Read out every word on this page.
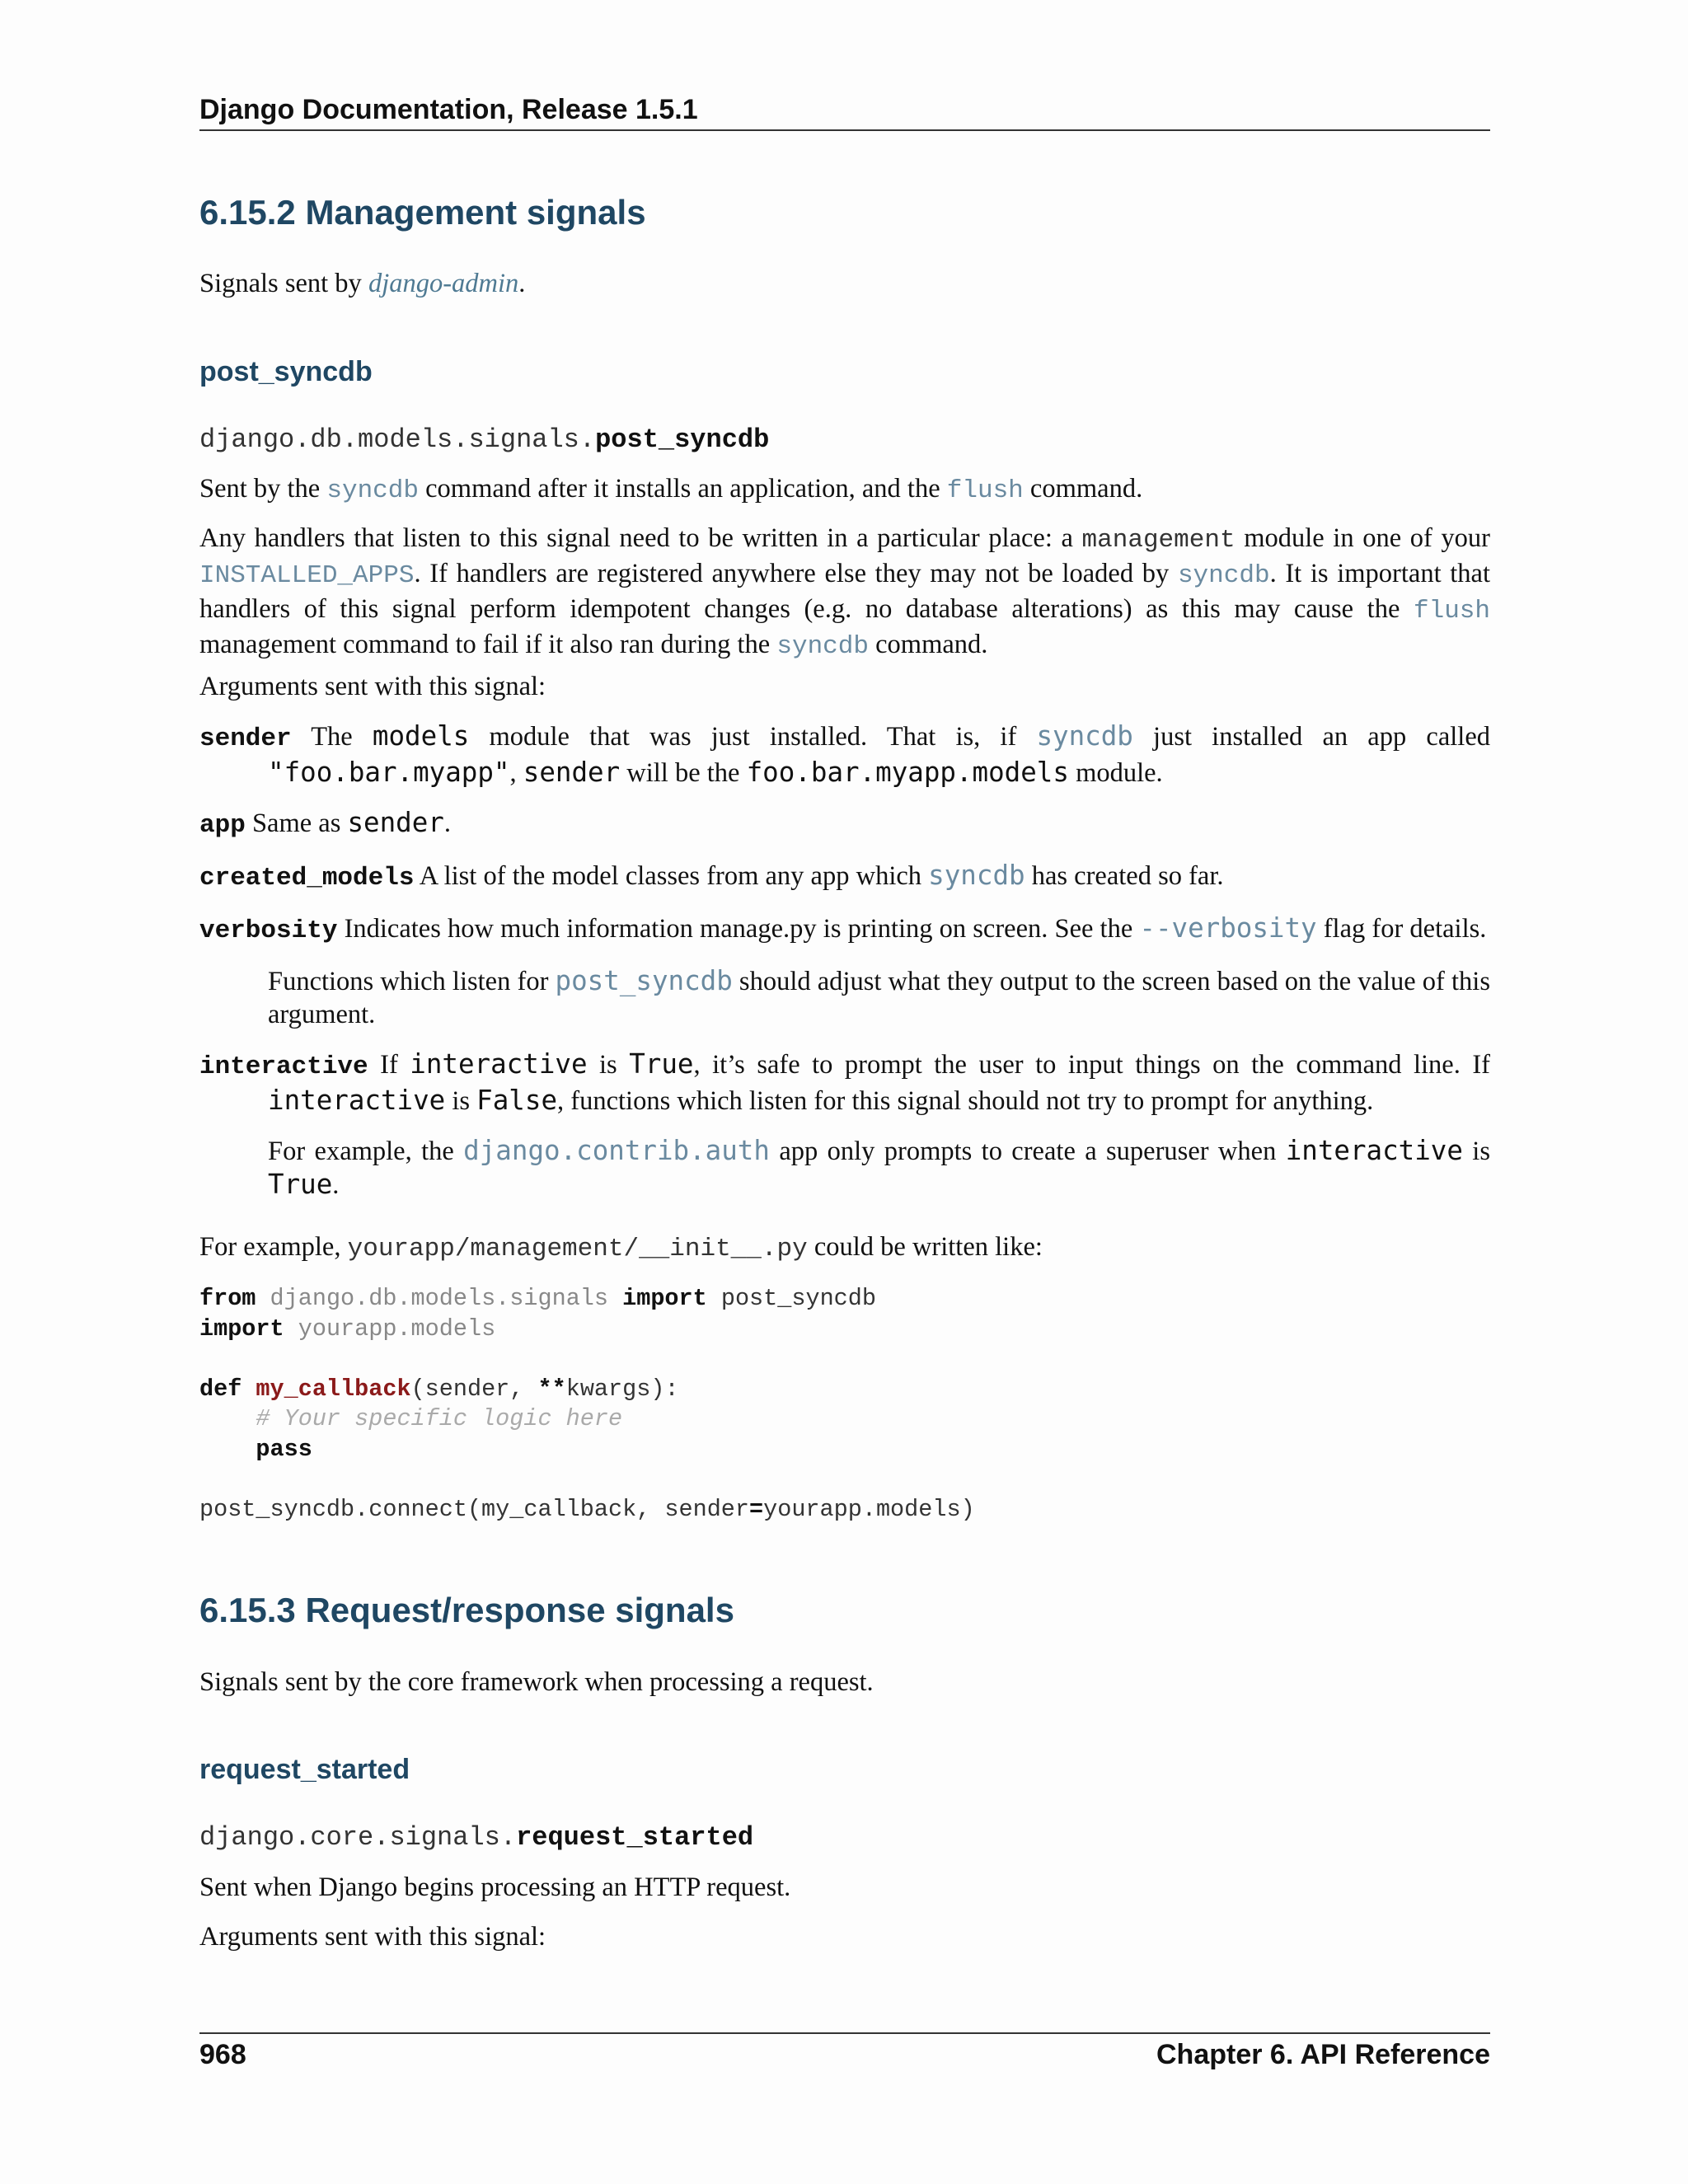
Django Documentation, Release 1.5.1
6.15.2 Management signals
Signals sent by django-admin.
post_syncdb
django.db.models.signals.post_syncdb
Sent by the syncdb command after it installs an application, and the flush command.
Any handlers that listen to this signal need to be written in a particular place: a management module in one of your INSTALLED_APPS. If handlers are registered anywhere else they may not be loaded by syncdb. It is important that handlers of this signal perform idempotent changes (e.g. no database alterations) as this may cause the flush management command to fail if it also ran during the syncdb command.
Arguments sent with this signal:
sender The models module that was just installed. That is, if syncdb just installed an app called "foo.bar.myapp", sender will be the foo.bar.myapp.models module.
app Same as sender.
created_models A list of the model classes from any app which syncdb has created so far.
verbosity Indicates how much information manage.py is printing on screen. See the --verbosity flag for details.
Functions which listen for post_syncdb should adjust what they output to the screen based on the value of this argument.
interactive If interactive is True, it’s safe to prompt the user to input things on the command line. If interactive is False, functions which listen for this signal should not try to prompt for anything.
For example, the django.contrib.auth app only prompts to create a superuser when interactive is True.
For example, yourapp/management/__init__.py could be written like:
from django.db.models.signals import post_syncdb
import yourapp.models

def my_callback(sender, **kwargs):
# Your specific logic here
pass

post_syncdb.connect(my_callback, sender=yourapp.models)
6.15.3 Request/response signals
Signals sent by the core framework when processing a request.
request_started
django.core.signals.request_started
Sent when Django begins processing an HTTP request.
Arguments sent with this signal:
968	Chapter 6. API Reference
